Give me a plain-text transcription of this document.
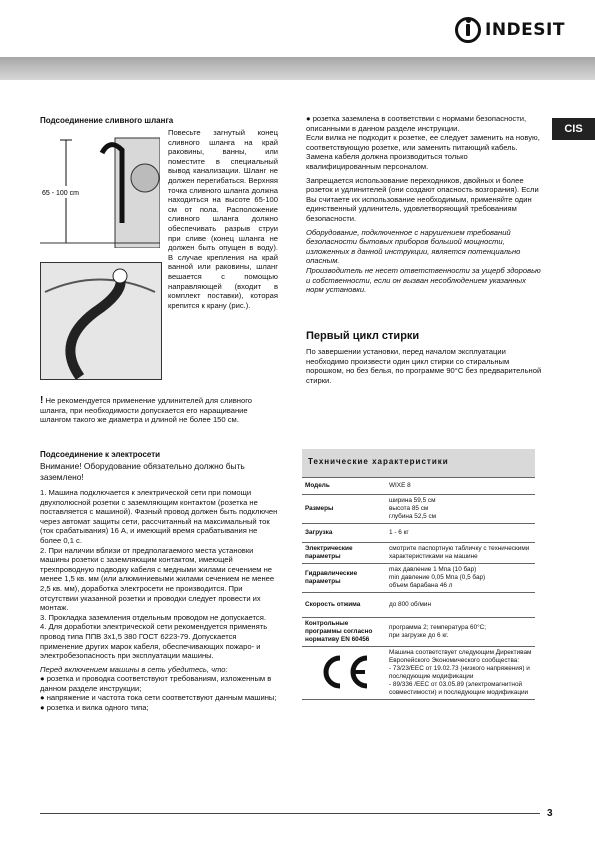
INDESIT
CIS
Подсоединение сливного шланга
65 - 100 cm
Повесьте загнутый конец сливного шланга на край раковины, ванны, или поместите в специальный вывод канализации. Шланг не должен перегибаться. Верхняя точка сливного шланга должна находиться на высоте 65-100 см от пола. Расположение сливного шланга должно обеспечивать разрыв струи при сливе (конец шланга не должен быть опущен в воду). В случае крепления на край ванной или раковины, шланг вешается с помощью направляющей (входит в комплект поставки), которая крепится к крану (рис.).
! Не рекомендуется применение удлинителей для сливного шланга, при необходимости допускается его наращивание шлангом такого же диаметра и длиной не более 150 см.
Подсоединение к электросети
Внимание! Оборудование обязательно должно быть заземлено!

1. Машина подключается к электрической сети при помощи двухполюсной розетки с заземляющим контактом (розетка не поставляется с машиной). Фазный провод должен быть подключен через автомат защиты сети, рассчитанный на максимальный ток (ток срабатывания) 16 А, и имеющий время срабатывания не более 0,1 с.

2. При наличии вблизи от предполагаемого места установки машины розетки с заземляющим контактом, имеющей трехпроводную подводку кабеля с медными жилами сечением не менее 1,5 кв. мм (или алюминиевыми жилами сечением не менее 2,5 кв. мм), доработка электросети не производится. При отсутствии указанной розетки и проводки следует провести их монтаж.

3. Прокладка заземления отдельным проводом не допускается.

4. Для доработки электрической сети рекомендуется применять провод типа ППВ 3х1,5 380 ГОСТ 6223-79. Допускается применение других марок кабеля, обеспечивающих пожаро- и электробезопасность при эксплуатации машины.

Перед включением машины в сеть убедитесь, что:

● розетка и проводка соответствуют требованиям, изложенным в данном разделе инструкции;

● напряжение и частота тока сети соответствуют данным машины;

● розетка и вилка одного типа;

● розетка заземлена в соответствии с нормами безопасности, описанными в данном разделе инструкции.

Если вилка не подходит к розетке, ее следует заменить на новую, соответствующую розетке, или заменить питающий кабель. Замена кабеля должна производиться только квалифицированным персоналом.

Запрещается использование переходников, двойных и более розеток и удлинителей (они создают опасность возгорания). Если Вы считаете их использование необходимым, применяйте один единственный удлинитель, удовлетворяющий требованиям безопасности.

Оборудование, подключенное с нарушением требований безопасности бытовых приборов большой мощности, изложенных в данной инструкции, является потенциально опасным.

Производитель не несет ответственности за ущерб здоровью и собственности, если он вызван несоблюдением указанных норм установки.

Первый цикл стирки
По завершении установки, перед началом эксплуатации необходимо произвести один цикл стирки со стиральным порошком, но без белья, по программе 90°С без предварительной стирки.
Технические характеристики
Модель	WIXE 8
Размеры	ширина 59,5 см
высота 85 см
глубина 52,5 см
Загрузка	1 - 6 кг
Электрические параметры	смотрите паспортную табличку с техническими характеристиками на машине
Гидравлические параметры	max давление 1 Мпа (10 бар)
min давление 0,05 Мпа (0,5 бар)
объем барабана 46 л
Скорость отжима	до 800 об/мин
Контрольные программы согласно нормативу EN 60456	программа 2; температура 60°С;
при загрузке до 6 кг.
	Машина соответствует следующим Директивам Европейского Экономического сообщества:
- 73/23/ЕЕС от 19.02.73 (низкого напряжения) и последующие модификации
- 89/336 /ЕЕС от 03.05.89 (электромагнитной совместимости) и последующие модификации
3
